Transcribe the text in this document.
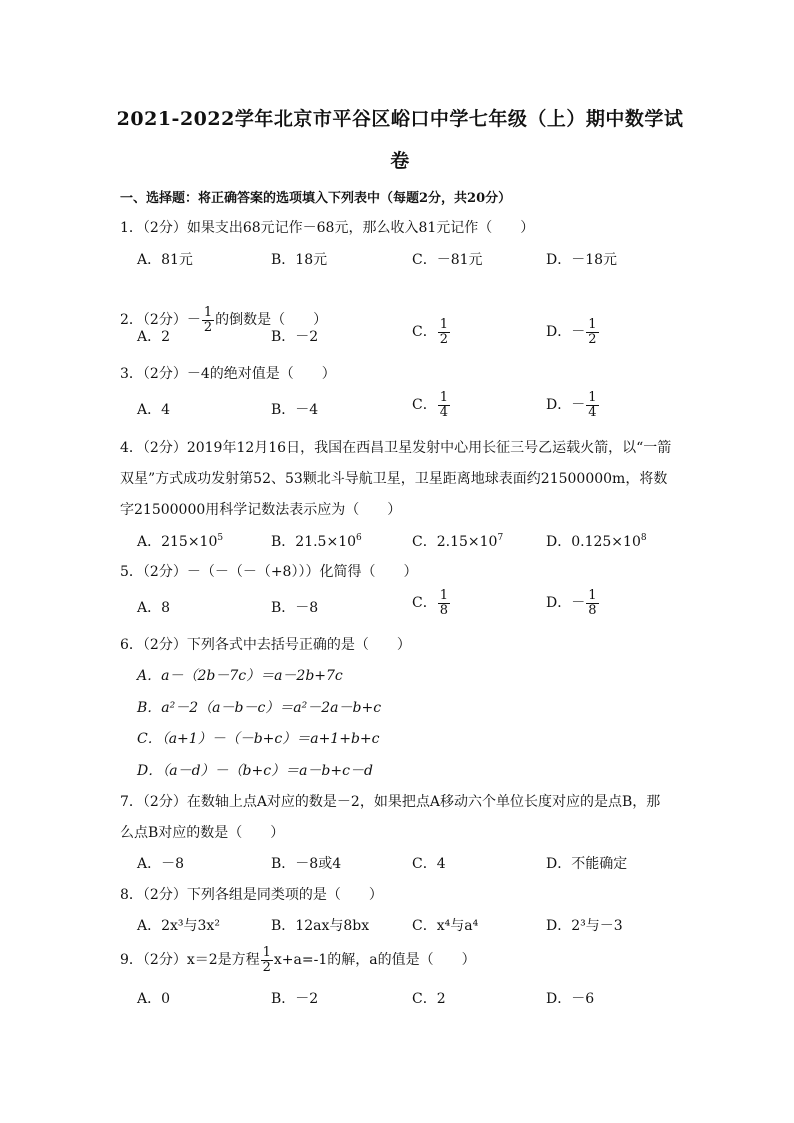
2021-2022学年北京市平谷区峪口中学七年级（上）期中数学试
卷
一、选择题：将正确答案的选项填入下列表中（每题2分，共20分）
1．（2分）如果支出68元记作－68元，那么收入81元记作（　　）
A．81元	B．18元	C．－81元	D．－18元
2．（2分）－ $\frac{1}{2}$ 的倒数是（　　）
A．2	B．－2	C． $\frac{1}{2}$	D．－ $\frac{1}{2}$
3．（2分）－4的绝对值是（　　）
A．4	B．－4	C． $\frac{1}{4}$	D．－ $\frac{1}{4}$
4．（2分）2019年12月16日，我国在西昌卫星发射中心用长征三号乙运载火箭，以“一箭
双星”方式成功发射第52、53颗北斗导航卫星，卫星距离地球表面约21500000m，将数
字21500000用科学记数法表示应为（　　）
A．$215\times 10^5$	B．$21.5\times 10^6$	C．$2.15\times 10^7$	D．$0.125\times 10^8$
5．（2分）－（－（－（+8）））化简得（　　）
A．8	B．－8	C． $\frac{1}{8}$	D．－ $\frac{1}{8}$
6．（2分）下列各式中去括号正确的是（　　）
A．a－（2b－7c）＝a－2b+7c
B．a²－2（a－b－c）＝a²－2a－b+c
C．（a+1）－（－b+c）＝a+1+b+c
D．（a－d）－（b+c）＝a－b+c－d
7．（2分）在数轴上点A对应的数是－2，如果把点A移动六个单位长度对应的是点B，那
么点B对应的数是（　　）
A．－8	B．－8或4	C．4	D．不能确定
8．（2分）下列各组是同类项的是（　　）
A．2x³与3x²	B．12ax与8bx	C．x⁴与a⁴	D．2³与－3
9．（2分）x＝2是方程 $\frac{1}{2} x+a=-1$的解，a的值是（　　）
A．0	B．－2	C．2	D．－6
